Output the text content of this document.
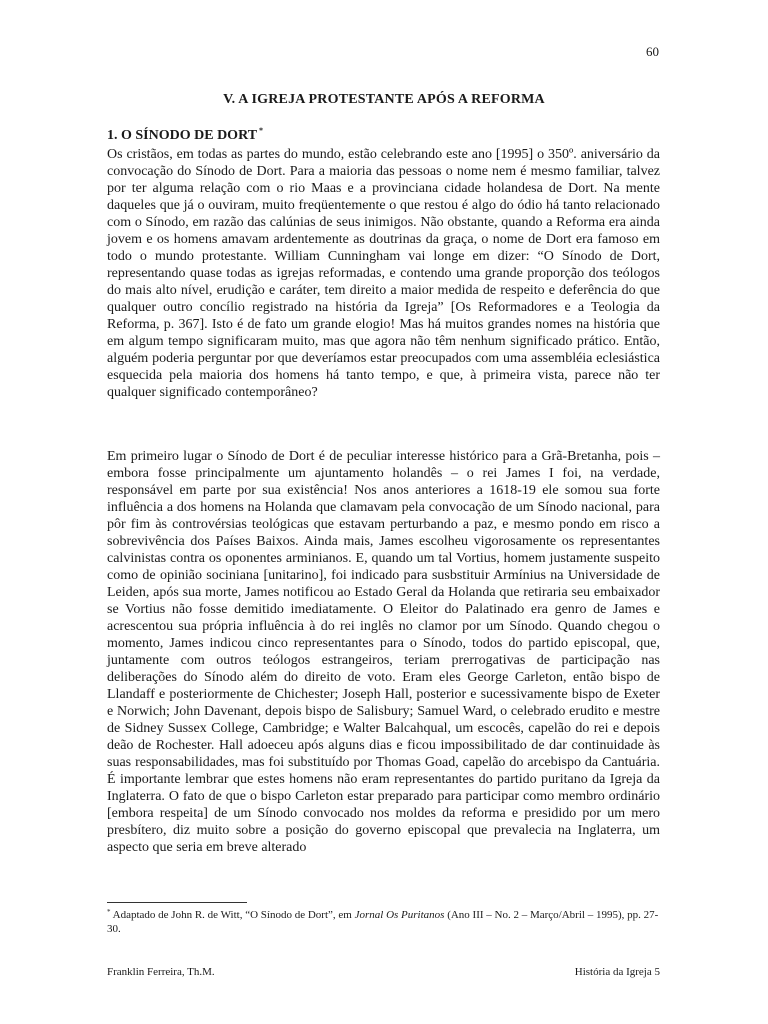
60
V. A IGREJA PROTESTANTE APÓS A REFORMA
1. O SÍNODO DE DORT *

Os cristãos, em todas as partes do mundo, estão celebrando este ano [1995] o 350º. aniversário da convocação do Sínodo de Dort. Para a maioria das pessoas o nome nem é mesmo familiar, talvez por ter alguma relação com o rio Maas e a provinciana cidade holandesa de Dort. Na mente daqueles que já o ouviram, muito freqüentemente o que restou é algo do ódio há tanto relacionado com o Sínodo, em razão das calúnias de seus inimigos. Não obstante, quando a Reforma era ainda jovem e os homens amavam ardentemente as doutrinas da graça, o nome de Dort era famoso em todo o mundo protestante. William Cunningham vai longe em dizer: “O Sínodo de Dort, representando quase todas as igrejas reformadas, e contendo uma grande proporção dos teólogos do mais alto nível, erudição e caráter, tem direito a maior medida de respeito e deferência do que qualquer outro concílio registrado na história da Igreja” [Os Reformadores e a Teologia da Reforma, p. 367]. Isto é de fato um grande elogio! Mas há muitos grandes nomes na história que em algum tempo significaram muito, mas que agora não têm nenhum significado prático. Então, alguém poderia perguntar por que deveríamos estar preocupados com uma assembléia eclesiástica esquecida pela maioria dos homens há tanto tempo, e que, à primeira vista, parece não ter qualquer significado contemporâneo?

Em primeiro lugar o Sínodo de Dort é de peculiar interesse histórico para a Grã-Bretanha, pois – embora fosse principalmente um ajuntamento holandês – o rei James I foi, na verdade, responsável em parte por sua existência! Nos anos anteriores a 1618-19 ele somou sua forte influência a dos homens na Holanda que clamavam pela convocação de um Sínodo nacional, para pôr fim às controvérsias teológicas que estavam perturbando a paz, e mesmo pondo em risco a sobrevivência dos Países Baixos. Ainda mais, James escolheu vigorosamente os representantes calvinistas contra os oponentes arminianos. E, quando um tal Vortius, homem justamente suspeito como de opinião sociniana [unitarino], foi indicado para susbstituir Armínius na Universidade de Leiden, após sua morte, James notificou ao Estado Geral da Holanda que retiraria seu embaixador se Vortius não fosse demitido imediatamente. O Eleitor do Palatinado era genro de James e acrescentou sua própria influência à do rei inglês no clamor por um Sínodo. Quando chegou o momento, James indicou cinco representantes para o Sínodo, todos do partido episcopal, que, juntamente com outros teólogos estrangeiros, teriam prerrogativas de participação nas deliberações do Sínodo além do direito de voto. Eram eles George Carleton, então bispo de Llandaff e posteriormente de Chichester; Joseph Hall, posterior e sucessivamente bispo de Exeter e Norwich; John Davenant, depois bispo de Salisbury; Samuel Ward, o celebrado erudito e mestre de Sidney Sussex College, Cambridge; e Walter Balcahqual, um escocês, capelão do rei e depois deão de Rochester. Hall adoeceu após alguns dias e ficou impossibilitado de dar continuidade às suas responsabilidades, mas foi substituído por Thomas Goad, capelão do arcebispo da Cantuária. É importante lembrar que estes homens não eram representantes do partido puritano da Igreja da Inglaterra. O fato de que o bispo Carleton estar preparado para participar como membro ordinário [embora respeita] de um Sínodo convocado nos moldes da reforma e presidido por um mero presbítero, diz muito sobre a posição do governo episcopal que prevalecia na Inglaterra, um aspecto que seria em breve alterado

* Adaptado de John R. de Witt, “O Sínodo de Dort”, em Jornal Os Puritanos (Ano III – No. 2 – Março/Abril – 1995), pp. 27-30.

Franklin Ferreira, Th.M.	História da Igreja 5
